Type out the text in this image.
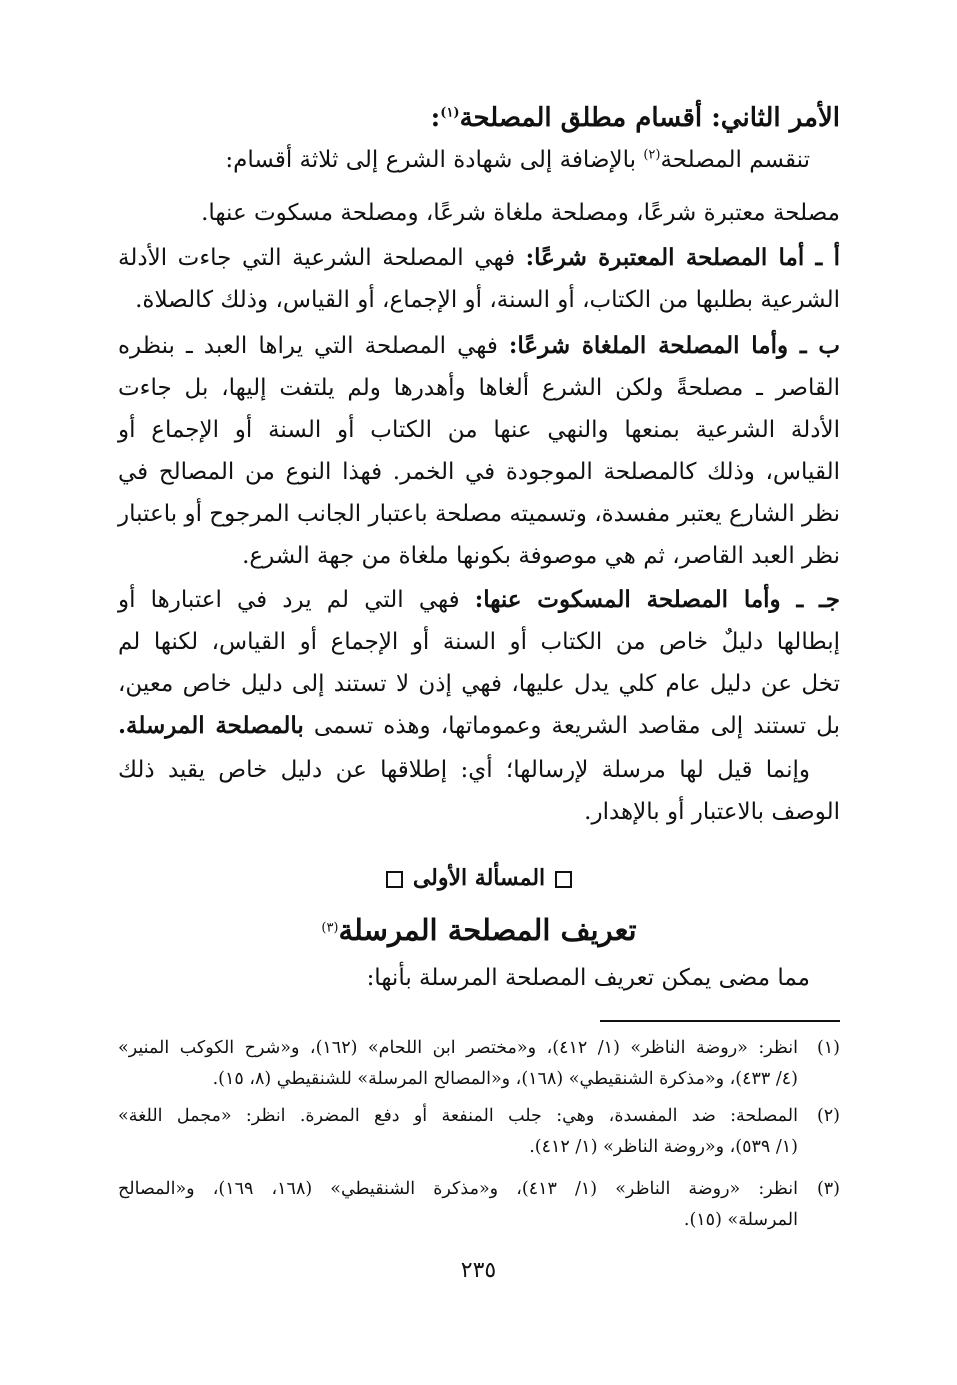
الأمر الثاني: أقسام مطلق المصلحة$^{(١)}$:
تنقسم المصلحة$^{(٢)}$ بالإضافة إلى شهادة الشرع إلى ثلاثة أقسام:
مصلحة معتبرة شرعًا، ومصلحة ملغاة شرعًا، ومصلحة مسكوت عنها.
أ ـ أما المصلحة المعتبرة شرعًا: فهي المصلحة الشرعية التي جاءت الأدلة
الشرعية بطلبها من الكتاب، أو السنة، أو الإجماع، أو القياس، وذلك كالصلاة.
ب ـ وأما المصلحة الملغاة شرعًا: فهي المصلحة التي يراها العبد ـ بنظره
القاصر ـ مصلحةً ولكن الشرع ألغاها وأهدرها ولم يلتفت إليها، بل جاءت
الأدلة الشرعية بمنعها والنهي عنها من الكتاب أو السنة أو الإجماع أو
القياس، وذلك كالمصلحة الموجودة في الخمر. فهذا النوع من المصالح في
نظر الشارع يعتبر مفسدة، وتسميته مصلحة باعتبار الجانب المرجوح أو باعتبار
نظر العبد القاصر، ثم هي موصوفة بكونها ملغاة من جهة الشرع.
جـ ـ وأما المصلحة المسكوت عنها: فهي التي لم يرد في اعتبارها أو
إبطالها دليلٌ خاص من الكتاب أو السنة أو الإجماع أو القياس، لكنها لم
تخل عن دليل عام كلي يدل عليها، فهي إذن لا تستند إلى دليل خاص معين،
بل تستند إلى مقاصد الشريعة وعموماتها، وهذه تسمى بالمصلحة المرسلة.
وإنما قيل لها مرسلة لإرسالها؛ أي: إطلاقها عن دليل خاص يقيد ذلك
الوصف بالاعتبار أو بالإهدار.
المسألة الأولى
تعريف المصلحة المرسلة$^{(٣)}$
مما مضى يمكن تعريف المصلحة المرسلة بأنها:
(١)
انظر: «روضة الناظر» (١/ ٤١٢)، و«مختصر ابن اللحام» (١٦٢)، و«شرح الكوكب المنير»
(٤/ ٤٣٣)، و«مذكرة الشنقيطي» (١٦٨)، و«المصالح المرسلة» للشنقيطي (٨، ١٥).
(٢)
المصلحة: ضد المفسدة، وهي: جلب المنفعة أو دفع المضرة. انظر: «مجمل اللغة»
(١/ ٥٣٩)، و«روضة الناظر» (١/ ٤١٢).
(٣)
انظر: «روضة الناظر» (١/ ٤١٣)، و«مذكرة الشنقيطي» (١٦٨، ١٦٩)، و«المصالح
المرسلة» (١٥).
٢٣٥
